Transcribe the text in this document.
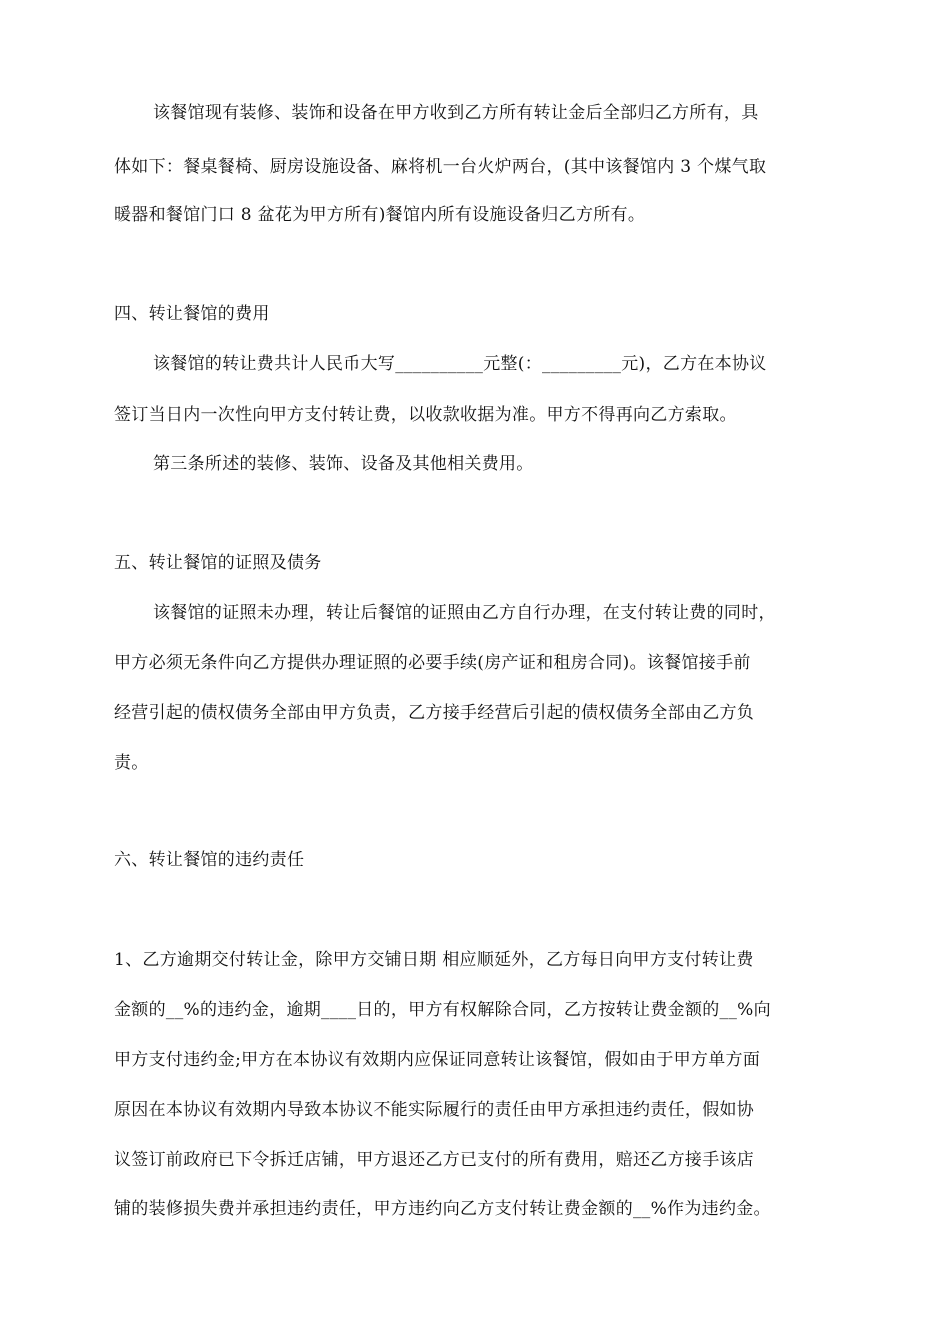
该餐馆现有装修、装饰和设备在甲方收到乙方所有转让金后全部归乙方所有，具
体如下：餐桌餐椅、厨房设施设备、麻将机一台火炉两台，(其中该餐馆内 3 个煤气取
暖器和餐馆门口 8 盆花为甲方所有)餐馆内所有设施设备归乙方所有。
四、转让餐馆的费用
该餐馆的转让费共计人民币大写__________元整(：_________元)，乙方在本协议
签订当日内一次性向甲方支付转让费，以收款收据为准。甲方不得再向乙方索取。
第三条所述的装修、装饰、设备及其他相关费用。
五、转让餐馆的证照及债务
该餐馆的证照未办理，转让后餐馆的证照由乙方自行办理，在支付转让费的同时，
甲方必须无条件向乙方提供办理证照的必要手续(房产证和租房合同)。该餐馆接手前
经营引起的债权债务全部由甲方负责，乙方接手经营后引起的债权债务全部由乙方负
责。
六、转让餐馆的违约责任
1、乙方逾期交付转让金，除甲方交铺日期 相应顺延外，乙方每日向甲方支付转让费
金额的__%的违约金，逾期____日的，甲方有权解除合同，乙方按转让费金额的__%向
甲方支付违约金;甲方在本协议有效期内应保证同意转让该餐馆，假如由于甲方单方面
原因在本协议有效期内导致本协议不能实际履行的责任由甲方承担违约责任，假如协
议签订前政府已下令拆迁店铺，甲方退还乙方已支付的所有费用，赔还乙方接手该店
铺的装修损失费并承担违约责任，甲方违约向乙方支付转让费金额的__%作为违约金。
